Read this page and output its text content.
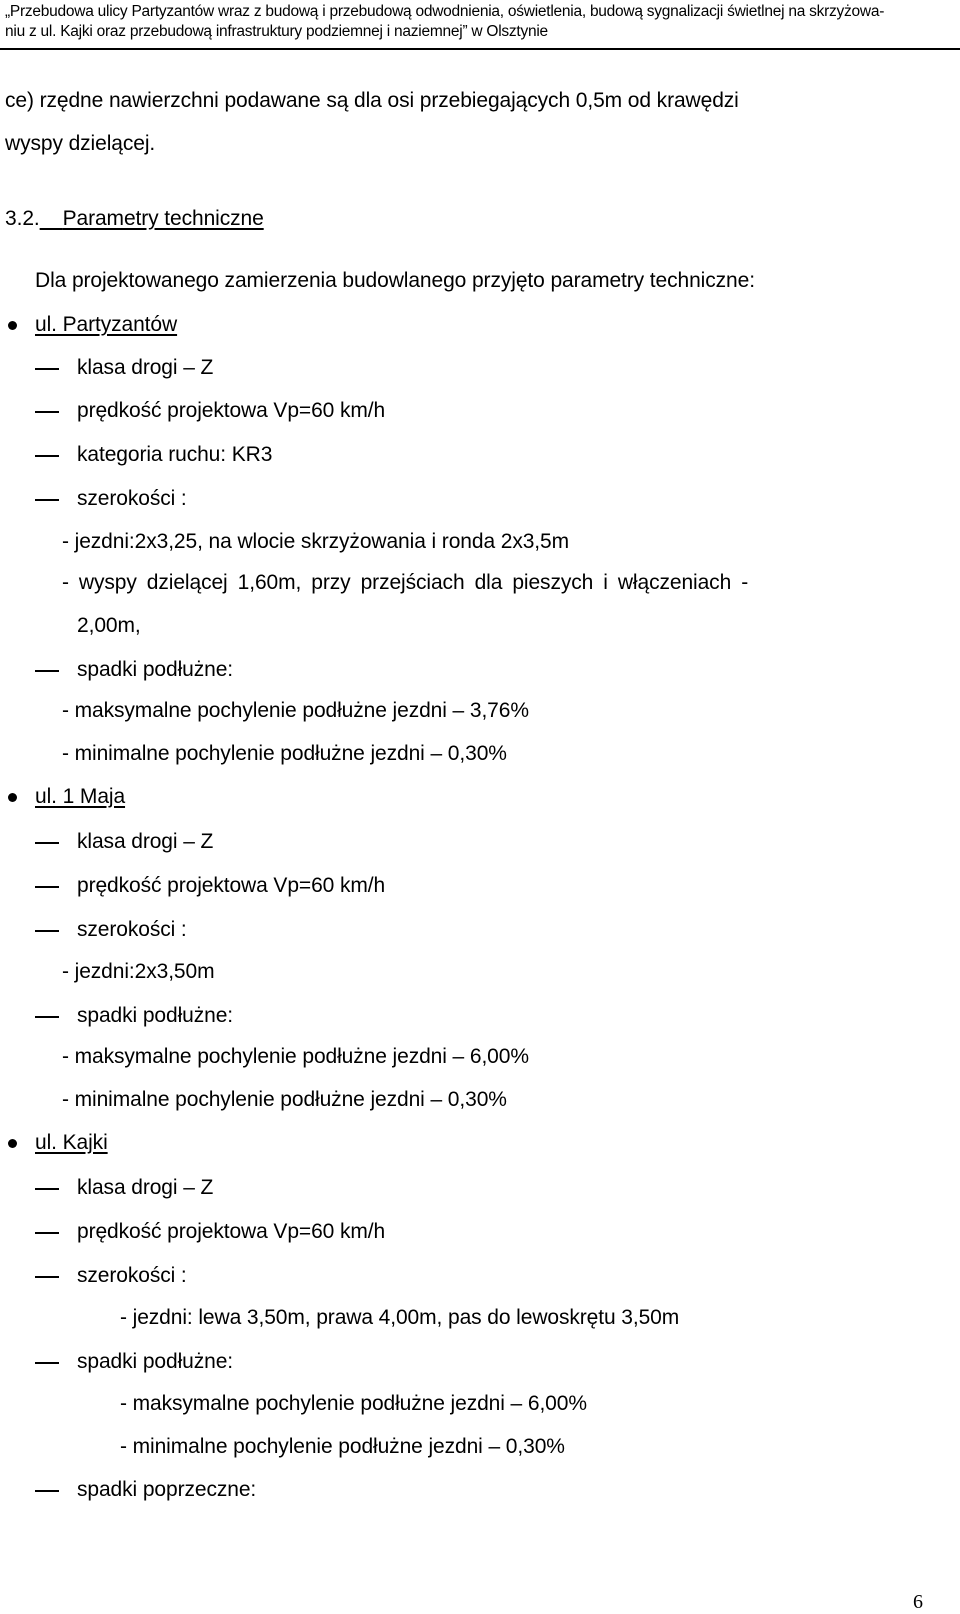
„Przebudowa ulicy Partyzantów wraz z budową i przebudową odwodnienia, oświetlenia, budową sygnalizacji świetlnej na skrzyżowa-
niu z ul. Kajki oraz przebudową infrastruktury podziemnej i naziemnej” w Olsztynie
ce) rzędne nawierzchni podawane są dla osi przebiegających 0,5m od krawędzi
wyspy dzielącej.
3.2. Parametry techniczne
Dla projektowanego zamierzenia budowlanego przyjęto parametry techniczne:
ul. Partyzantów
klasa drogi – Z
prędkość projektowa Vp=60 km/h
kategoria ruchu: KR3
szerokości :
- jezdni:2x3,25, na wlocie skrzyżowania i ronda 2x3,5m
- wyspy dzielącej 1,60m, przy przejściach dla pieszych i włączeniach -
2,00m,
spadki podłużne:
- maksymalne pochylenie podłużne jezdni – 3,76%
- minimalne pochylenie podłużne jezdni – 0,30%
ul. 1 Maja
klasa drogi – Z
prędkość projektowa Vp=60 km/h
szerokości :
- jezdni:2x3,50m
spadki podłużne:
- maksymalne pochylenie podłużne jezdni – 6,00%
- minimalne pochylenie podłużne jezdni – 0,30%
ul. Kajki
klasa drogi – Z
prędkość projektowa Vp=60 km/h
szerokości :
- jezdni: lewa 3,50m, prawa 4,00m, pas do lewoskrętu 3,50m
spadki podłużne:
- maksymalne pochylenie podłużne jezdni – 6,00%
- minimalne pochylenie podłużne jezdni – 0,30%
spadki poprzeczne:
6
